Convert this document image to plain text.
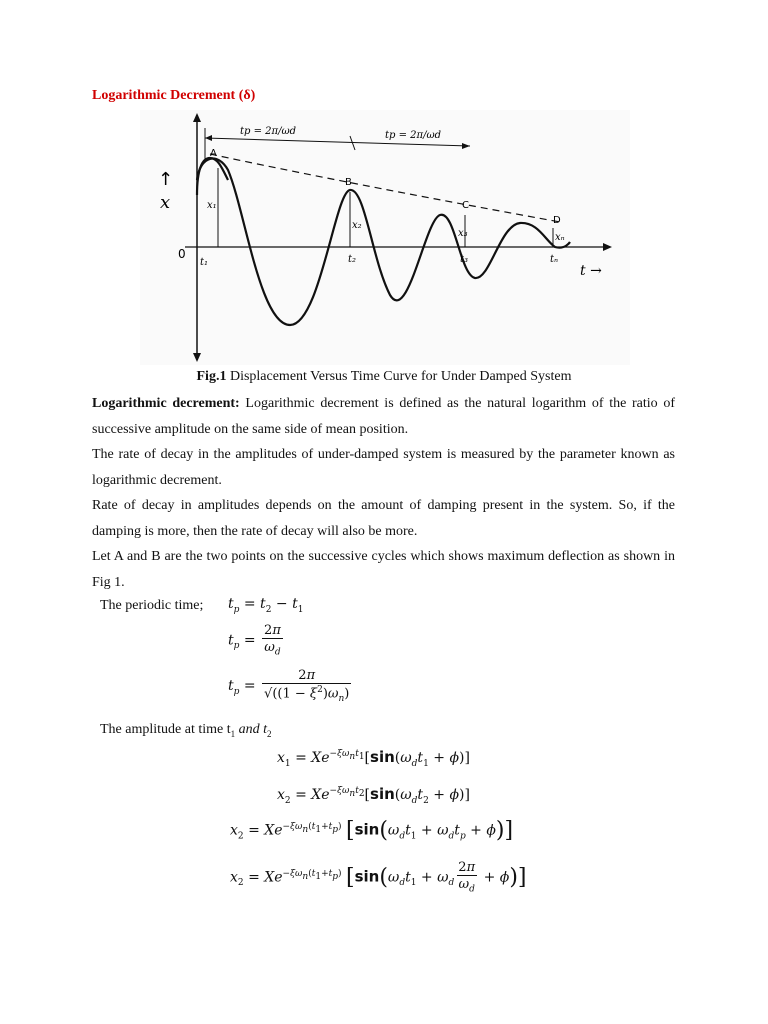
Logarithmic Decrement (δ)
↑
x
0
t →
A
B
C
D
x₁
x₂
x₃	xₙ
t₁	t₂	t₃	tₙ
tp = 2π/ωd	tp = 2π/ωd
Fig.1 Displacement Versus Time Curve for Under Damped System
Logarithmic decrement: Logarithmic decrement is defined as the natural logarithm of the ratio of successive amplitude on the same side of mean position.
The rate of decay in the amplitudes of under-damped system is measured by the parameter known as logarithmic decrement.
Rate of decay in amplitudes depends on the amount of damping present in the system. So, if the damping is more, then the rate of decay will also be more.
Let A and B are the two points on the successive cycles which shows maximum deflection as shown in Fig 1.
The periodic time; $t_p = t_2 - t_1$
$t_p = \frac{2\pi}{\omega_d}$
$t_p = \frac{2\pi}{√((1 - \xi^2)\omega_n)}$
The amplitude at time $t_1$ and $t_2$
$x_1 = Xe^{-\xi\omega_nt_1}[\sin(\omega_dt_1 + \phi)]$
$x_2 = Xe^{-\xi\omega_nt_2}[\sin(\omega_dt_2 + \phi)]$
$x_2 = Xe^{-\xi\omega_n(t_1+t_p)}$ $[\sin(\omega_dt_1 + \omega_dt_p + \phi)]$
$x_2 = Xe^{-\xi\omega_n(t_1+t_p)}$ $[\sin(\omega_dt_1 + \omega_d \frac{2\pi}{\omega_d} + \phi)]$
